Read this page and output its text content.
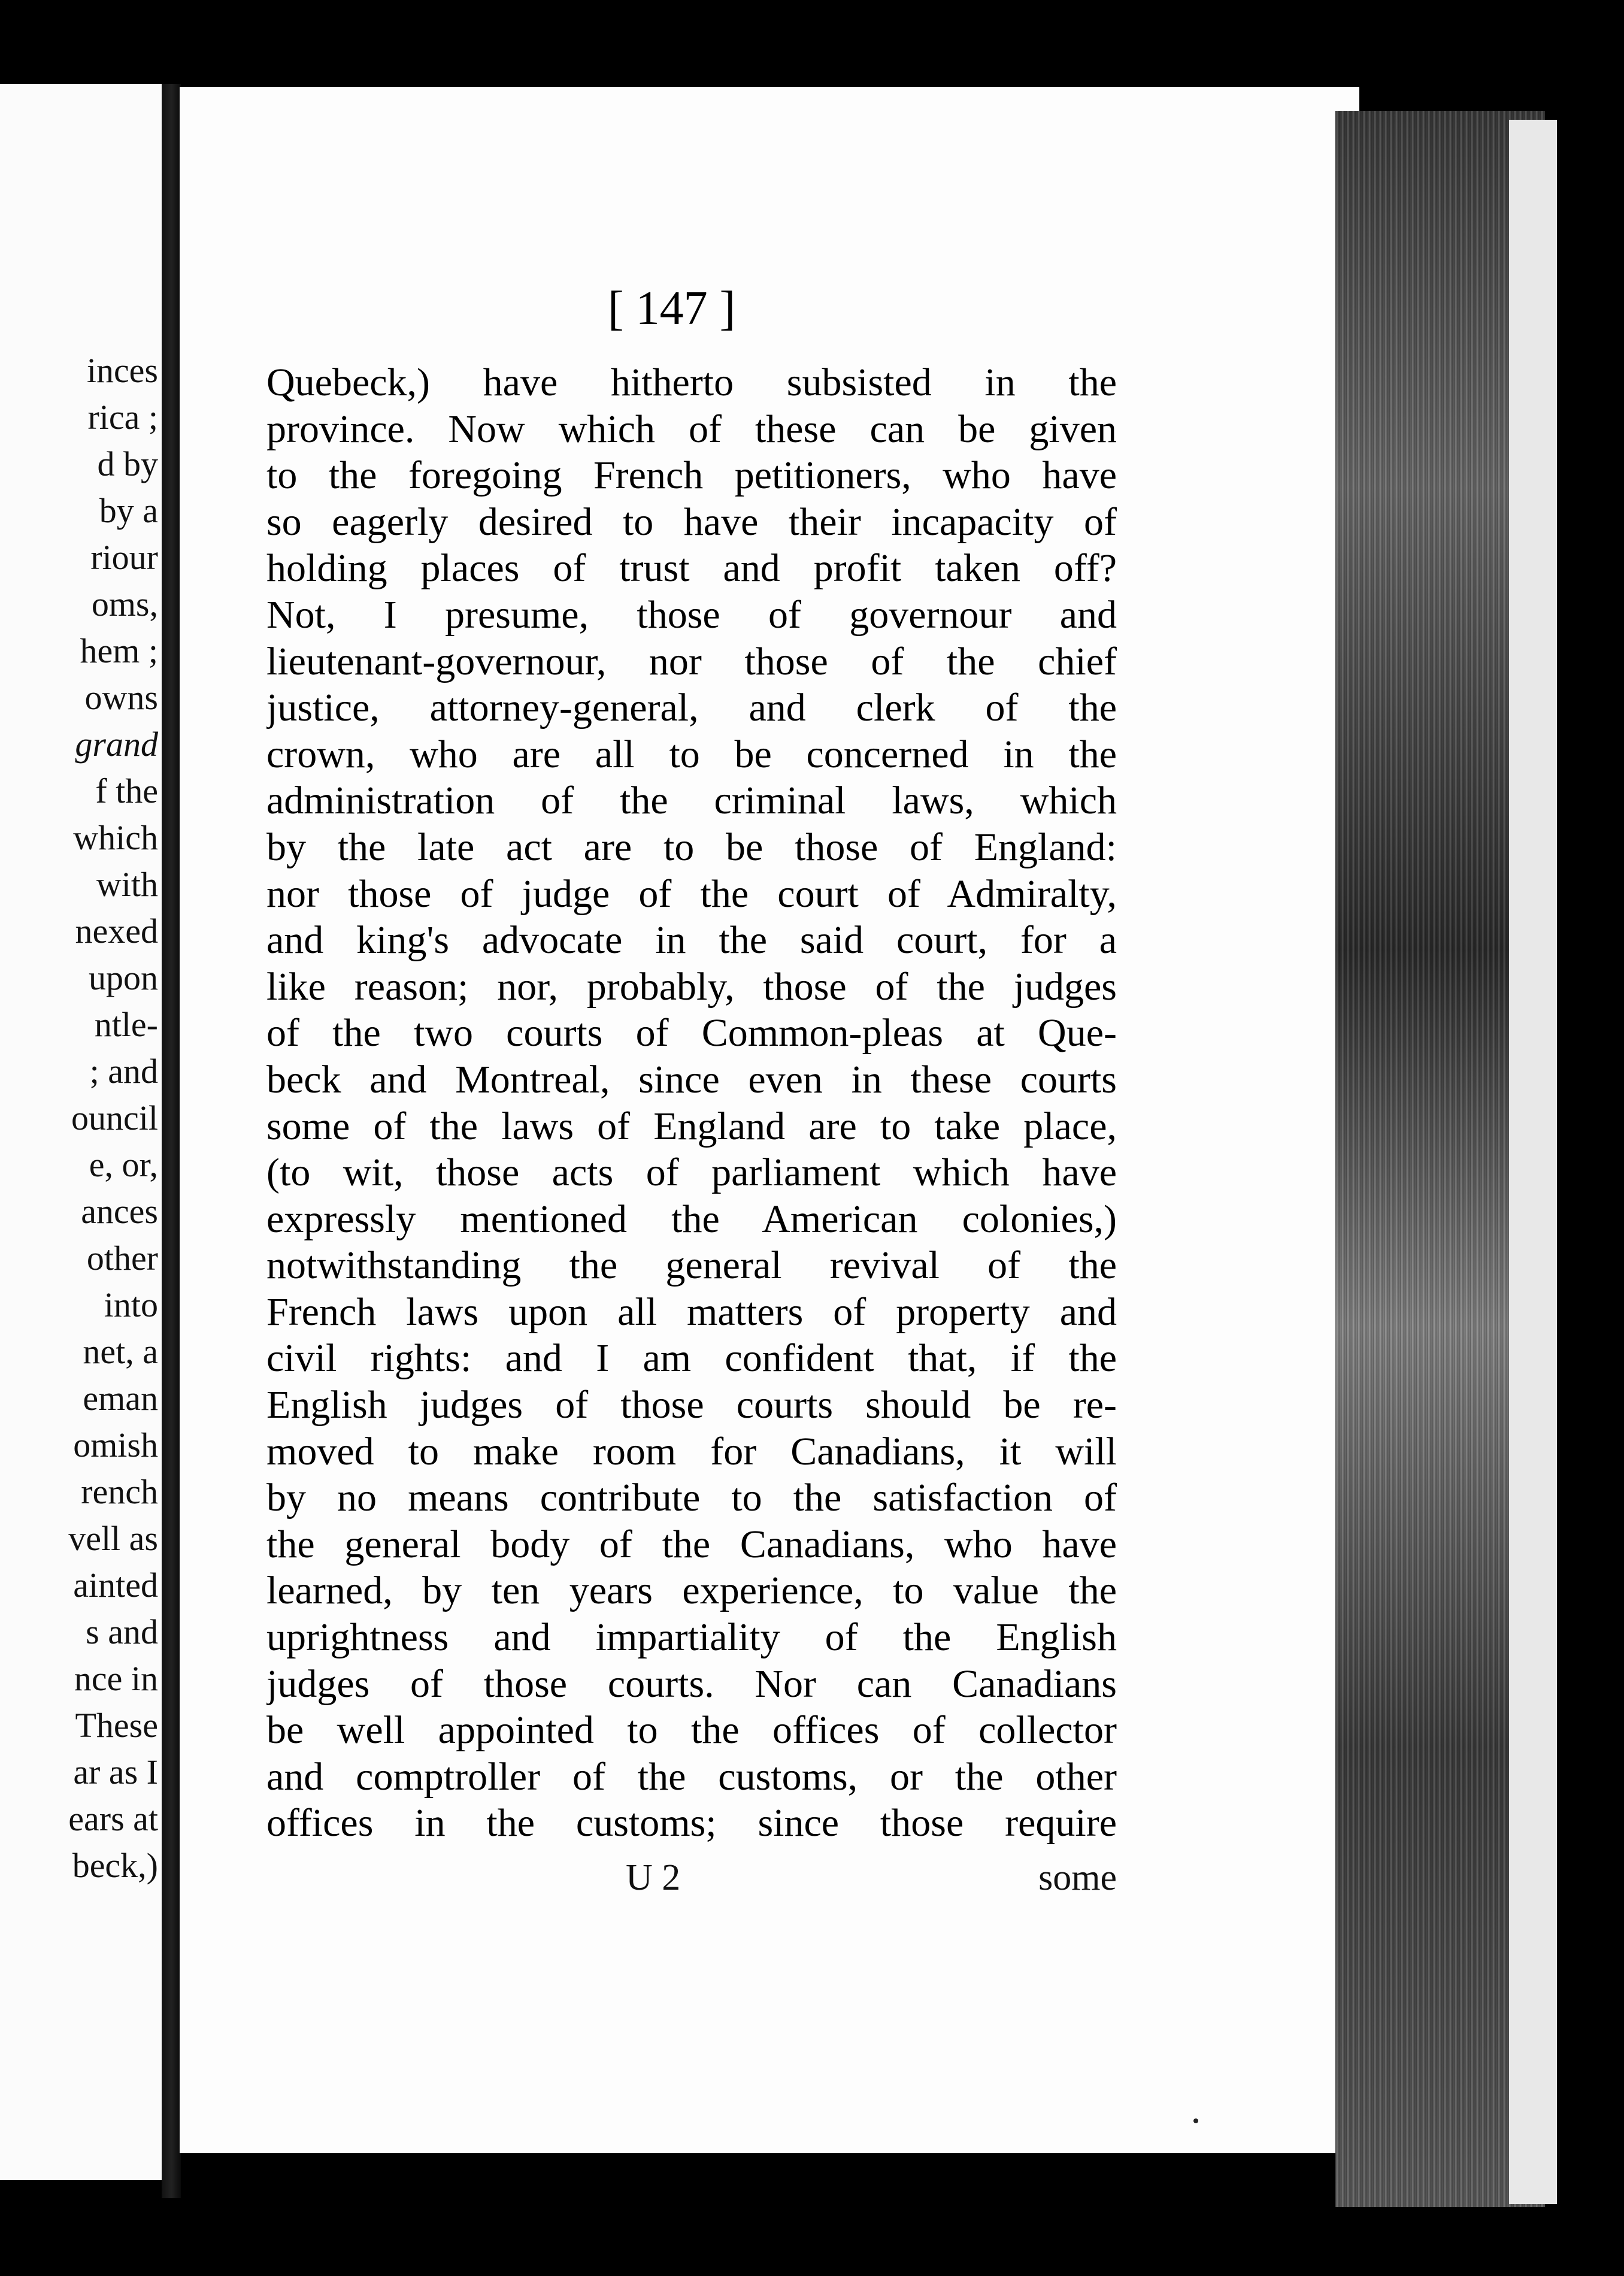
inces
rica ;
d by
by a
riour
oms,
hem ;
owns
grand
f the
which
with
nexed
upon
ntle-
; and
ouncil
e, or,
ances
other
into
net, a
eman
omish
rench
vell as
ainted
s and
nce in
These
ar as I
ears at
beck,)
[ 147 ]
Quebeck,) have hitherto subsisted in the
province. Now which of these can be given
to the foregoing French petitioners, who have
so eagerly desired to have their incapacity of
holding places of trust and profit taken off?
Not, I presume, those of governour and
lieutenant-governour, nor those of the chief
justice, attorney-general, and clerk of the
crown, who are all to be concerned in the
administration of the criminal laws, which
by the late act are to be those of England:
nor those of judge of the court of Admiralty,
and king's advocate in the said court, for a
like reason; nor, probably, those of the judges
of the two courts of Common-pleas at Que-
beck and Montreal, since even in these courts
some of the laws of England are to take place,
(to wit, those acts of parliament which have
expressly mentioned the American colonies,)
notwithstanding the general revival of the
French laws upon all matters of property and
civil rights: and I am confident that, if the
English judges of those courts should be re-
moved to make room for Canadians, it will
by no means contribute to the satisfaction of
the general body of the Canadians, who have
learned, by ten years experience, to value the
uprightness and impartiality of the English
judges of those courts. Nor can Canadians
be well appointed to the offices of collector
and comptroller of the customs, or the other
offices in the customs; since those require
U 2	some
